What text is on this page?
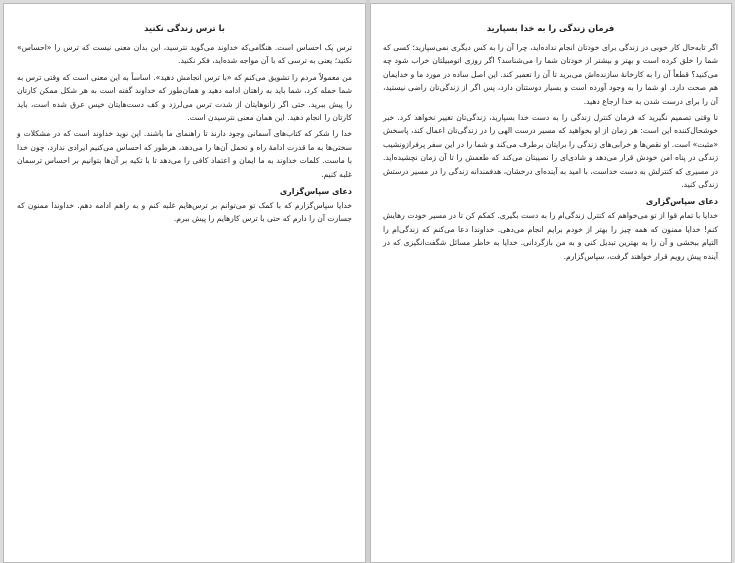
با ترس زندگی نکنید

ترس یک احساس است. هنگامی‌که خداوند می‌گوید نترسید، این بدان معنی نیست که ترس را «احساس» نکنید؛ یعنی به ترسی که با آن مواجه شده‌اید، فکر نکنید.

من معمولاً مردم را تشویق می‌کنم که «با ترس انجامش دهید». اساساً به این معنی است که وقتی ترس به شما حمله کرد، شما باید به راهتان ادامه دهید و همان‌طور که خداوند گفته است به هر شکل ممکن کارتان را پیش ببرید. حتی اگر زانوهایتان از شدت ترس می‌لرزد و کف دست‌هایتان خیس عرق شده است، باید کارتان را انجام دهید. این همان معنی نترسیدن است.

خدا را شکر که کتاب‌های آسمانی وجود دارند تا راهنمای ما باشند. این نوید خداوند است که در مشکلات و سختی‌ها به ما قدرت ادامهٔ راه و تحمل آن‌ها را می‌دهد، هرطور که احساس می‌کنیم ایرادی ندارد، چون خدا با ماست. کلمات خداوند به ما ایمان و اعتماد کافی را می‌دهد تا با تکیه بر آن‌ها بتوانیم بر احساس ترسمان غلبه کنیم.

دعای سپاس‌گزاری

خدایا سپاس‌گزارم که با کمک تو می‌توانم بر ترس‌هایم غلبه کنم و به راهم ادامه دهم. خداوندا ممنون که جسارت آن را دارم که حتی با ترس کارهایم را پیش ببرم.

فرمان زندگی را به خدا بسپارید

اگر تابه‌حال کار خوبی در زندگی برای خودتان انجام نداده‌اید، چرا آن را به کس دیگری نمی‌سپارید؛ کسی که شما را خلق کرده است و بهتر و بیشتر از خودتان شما را می‌شناسد؟ اگر روزی اتومبیلتان خراب شود چه می‌کنید؟ قطعاً آن را به کارخانهٔ سازنده‌اش می‌برید تا آن را تعمیر کند. این اصل ساده در مورد ما و خدایمان هم صحت دارد. او شما را به وجود آورده است و بسیار دوستتان دارد، پس اگر از زندگی‌تان راضی نیستید، آن را برای درست شدن به خدا ارجاع دهید.

تا وقتی تصمیم نگیرید که فرمان کنترل زندگی را به دست خدا بسپارید، زندگی‌تان تغییر نخواهد کرد. خبر خوشحال‌کننده این است: هر زمان از او بخواهید که مسیر درست الهی را در زندگی‌تان اعمال کند، پاسخش «مثبت» است. او نقص‌ها و خرابی‌های زندگی را برایتان برطرف می‌کند و شما را در این سفر پرفرازونشیب زندگی در پناه امن خودش قرار می‌دهد و شادی‌ای را نصیبتان می‌کند که طعمش را تا آن زمان نچشیده‌اید. در مسیری که کنترلش به دست خداست، با امید به آینده‌ای درخشان، هدفمندانه زندگی را در مسیر درستش زندگی کنید.

دعای سپاس‌گزاری

خدایا با تمام قوا از تو می‌خواهم که کنترل زندگی‌ام را به دست بگیری. کمکم کن تا در مسیر خودت رهایش کنم! خدایا ممنون که همه چیز را بهتر از خودم برایم انجام می‌دهی. خداوندا دعا می‌کنم که زندگی‌ام را التیام ببخشی و آن را به بهترین تبدیل کنی و به من بازگردانی. خدایا به خاطر مسائل شگفت‌انگیزی که در آینده پیش رویم قرار خواهند گرفت، سپاس‌گزارم.
